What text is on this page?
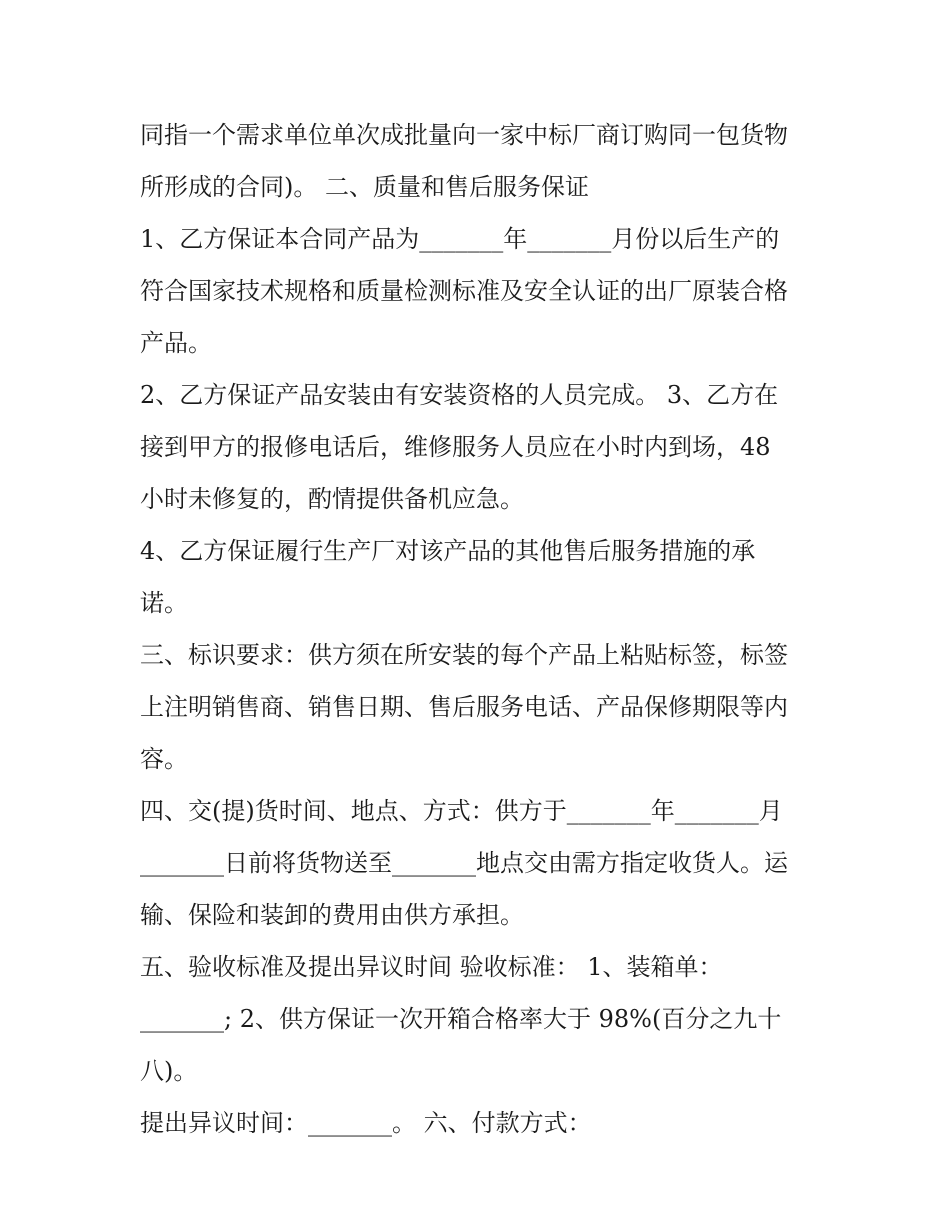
同指一个需求单位单次成批量向一家中标厂商订购同一包货物
所形成的合同)。 二、质量和售后服务保证
1、乙方保证本合同产品为_______年_______月份以后生产的
符合国家技术规格和质量检测标准及安全认证的出厂原装合格
产品。
2、乙方保证产品安装由有安装资格的人员完成。 3、乙方在
接到甲方的报修电话后，维修服务人员应在小时内到场，48
小时未修复的，酌情提供备机应急。
4、乙方保证履行生产厂对该产品的其他售后服务措施的承
诺。
三、标识要求：供方须在所安装的每个产品上粘贴标签，标签
上注明销售商、销售日期、售后服务电话、产品保修期限等内
容。
四、交(提)货时间、地点、方式：供方于_______年_______月
_______日前将货物送至_______地点交由需方指定收货人。运
输、保险和装卸的费用由供方承担。
五、验收标准及提出异议时间 验收标准： 1、装箱单：
_______; 2、供方保证一次开箱合格率大于 98%(百分之九十
八)。
提出异议时间：_______。 六、付款方式：
